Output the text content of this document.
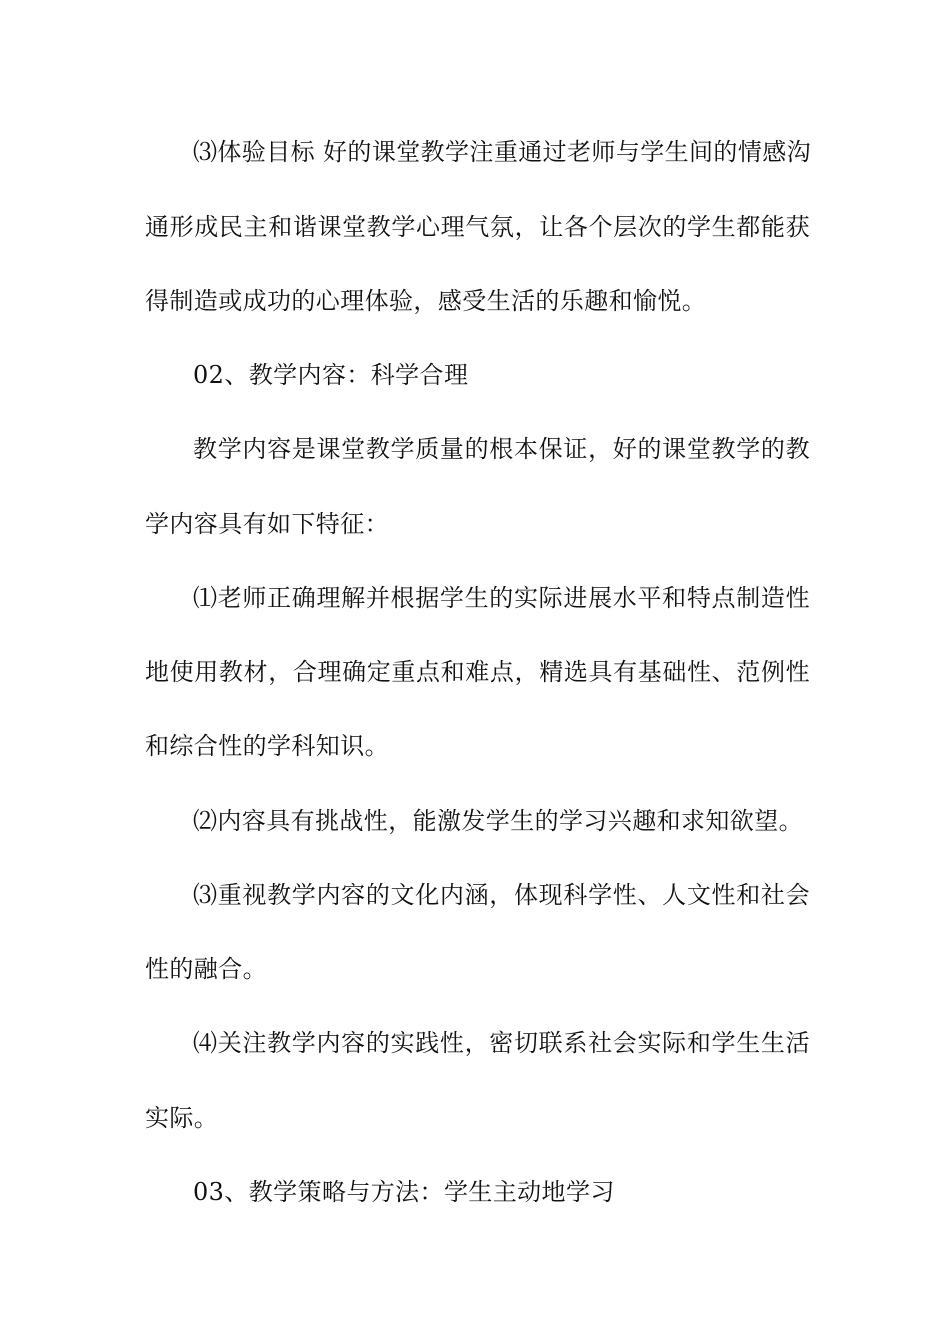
⑶体验目标 好的课堂教学注重通过老师与学生间的情感沟
通形成民主和谐课堂教学心理气氛，让各个层次的学生都能获
得制造或成功的心理体验，感受生活的乐趣和愉悦。
02、教学内容：科学合理
教学内容是课堂教学质量的根本保证，好的课堂教学的教
学内容具有如下特征：
⑴老师正确理解并根据学生的实际进展水平和特点制造性
地使用教材，合理确定重点和难点，精选具有基础性、范例性
和综合性的学科知识。
⑵内容具有挑战性，能激发学生的学习兴趣和求知欲望。
⑶重视教学内容的文化内涵，体现科学性、人文性和社会
性的融合。
⑷关注教学内容的实践性，密切联系社会实际和学生生活
实际。
03、教学策略与方法：学生主动地学习
